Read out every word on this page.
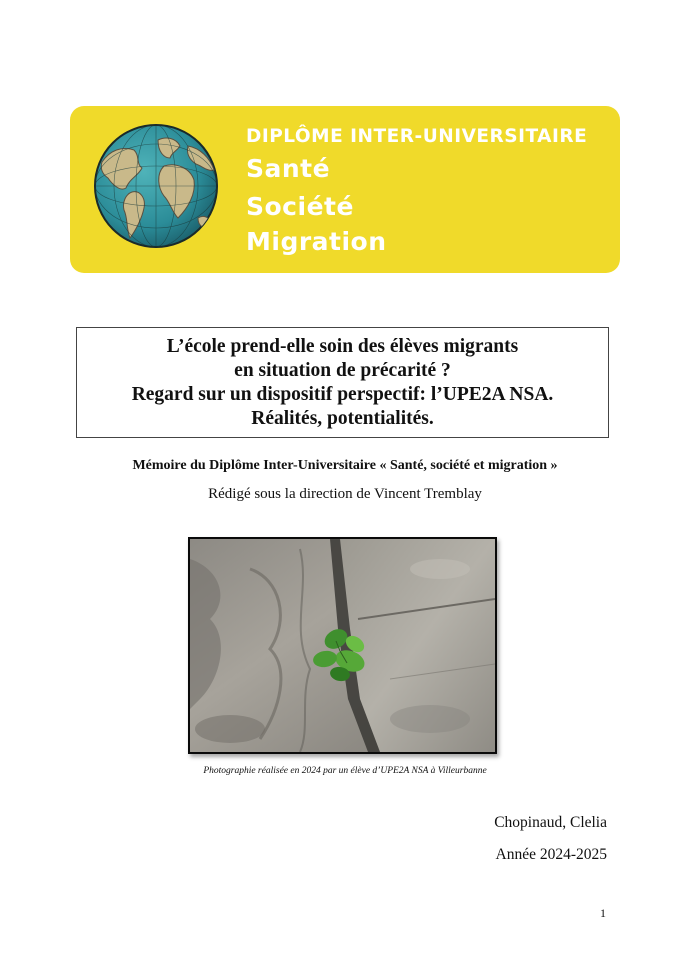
DIPLÔME INTER-UNIVERSITAIRE

Santé

Société

Migration

L’école prend-elle soin des élèves migrants
en situation de précarité ?
Regard sur un dispositif perspectif: l’UPE2A NSA.
Réalités, potentialités.
Mémoire du Diplôme Inter-Universitaire « Santé, société et migration »
Rédigé sous la direction de Vincent Tremblay
Photographie réalisée en 2024 par un élève d’UPE2A NSA à Villeurbanne
Chopinaud, Clelia
Année 2024-2025
1
